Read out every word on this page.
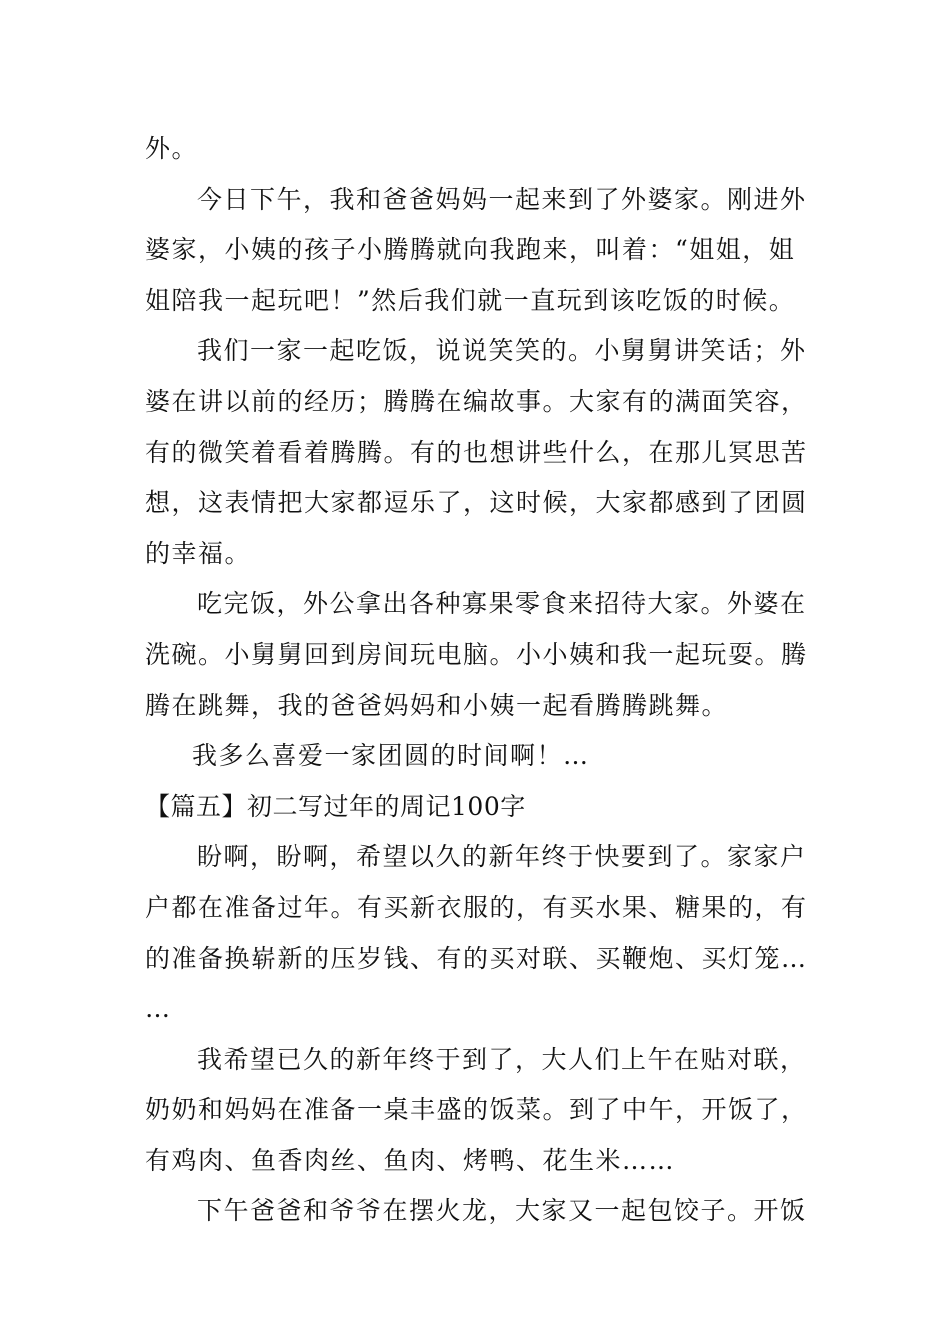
外。
今日下午，我和爸爸妈妈一起来到了外婆家。刚进外
婆家，小姨的孩子小腾腾就向我跑来，叫着：“姐姐，姐
姐陪我一起玩吧！”然后我们就一直玩到该吃饭的时候。
我们一家一起吃饭，说说笑笑的。小舅舅讲笑话；外
婆在讲以前的经历；腾腾在编故事。大家有的满面笑容，
有的微笑着看着腾腾。有的也想讲些什么，在那儿冥思苦
想，这表情把大家都逗乐了，这时候，大家都感到了团圆
的幸福。
吃完饭，外公拿出各种寡果零食来招待大家。外婆在
洗碗。小舅舅回到房间玩电脑。小小姨和我一起玩耍。腾
腾在跳舞，我的爸爸妈妈和小姨一起看腾腾跳舞。
我多么喜爱一家团圆的时间啊！…
【篇五】初二写过年的周记100字
盼啊，盼啊，希望以久的新年终于快要到了。家家户
户都在准备过年。有买新衣服的，有买水果、糖果的，有
的准备换崭新的压岁钱、有的买对联、买鞭炮、买灯笼…
…
我希望已久的新年终于到了，大人们上午在贴对联，
奶奶和妈妈在准备一桌丰盛的饭菜。到了中午，开饭了，
有鸡肉、鱼香肉丝、鱼肉、烤鸭、花生米……
下午爸爸和爷爷在摆火龙，大家又一起包饺子。开饭
